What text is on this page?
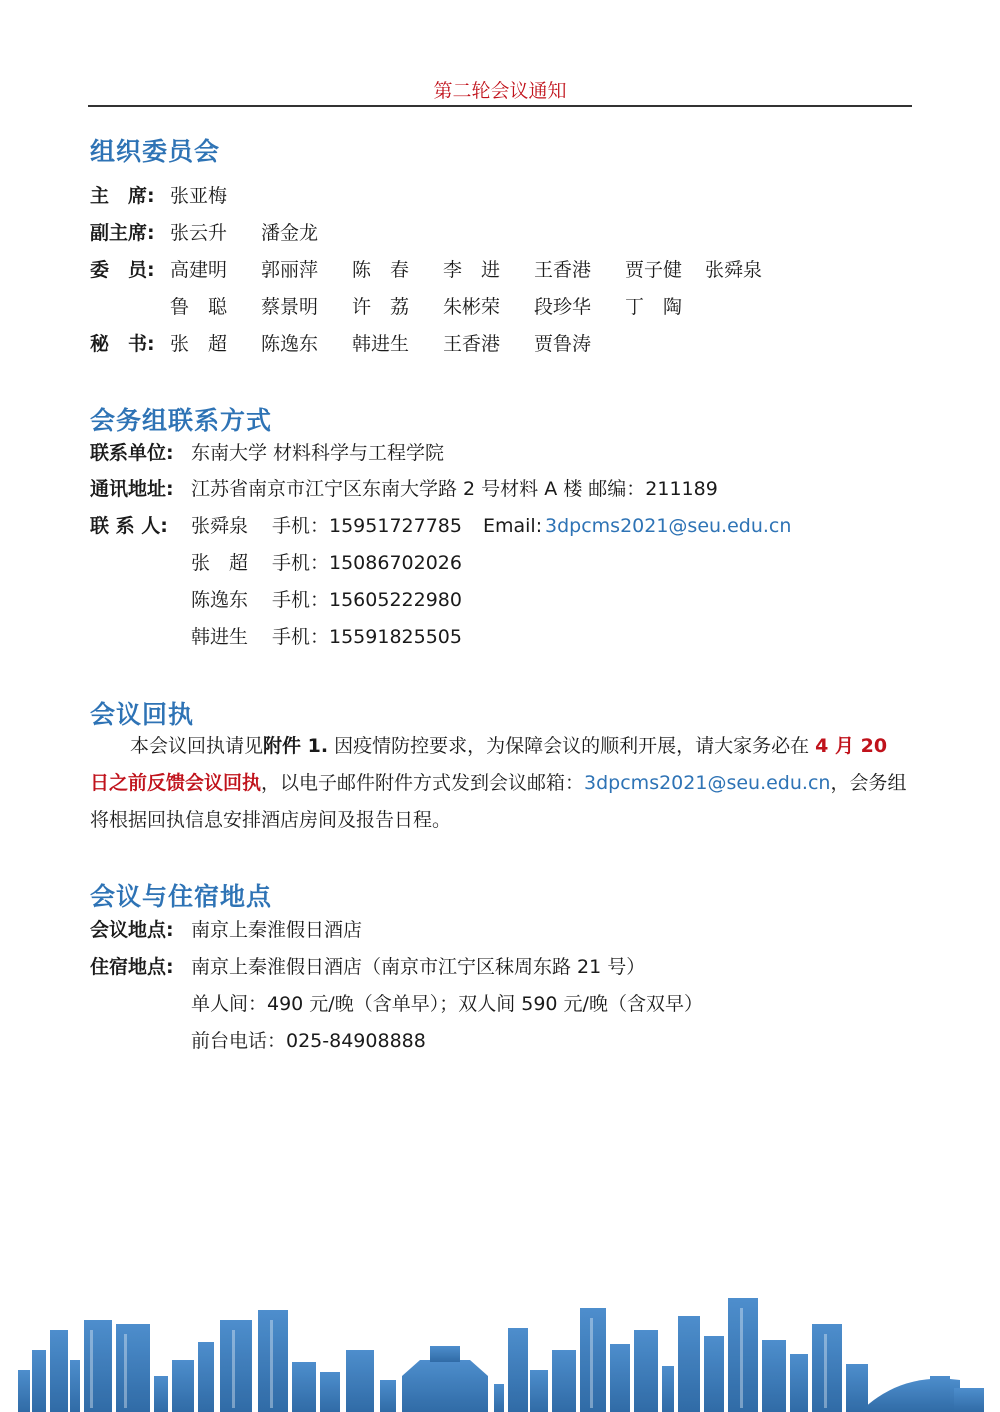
第二轮会议通知
组织委员会
主　席: 张亚梅
副主席: 张云升 潘金龙
委　员: 高建明 郭丽萍 陈　春 李　进 王香港 贾子健 张舜泉
鲁　聪 蔡景明 许　荔 朱彬荣 段珍华 丁　陶
秘　书: 张　超 陈逸东 韩进生 王香港 贾鲁涛
会务组联系方式
联系单位: 东南大学 材料科学与工程学院
通讯地址: 江苏省南京市江宁区东南大学路 2 号材料 A 楼 邮编：211189
联 系 人: 张舜泉 手机：15951727785 Email: 3dpcms2021@seu.edu.cn
张　超 手机：15086702026
陈逸东 手机：15605222980
韩进生 手机：15591825505
会议回执
本会议回执请见附件 1. 因疫情防控要求，为保障会议的顺利开展，请大家务必在 4 月 20 日之前反馈会议回执，以电子邮件附件方式发到会议邮箱：3dpcms2021@seu.edu.cn，会务组将根据回执信息安排酒店房间及报告日程。
会议与住宿地点
会议地点: 南京上秦淮假日酒店
住宿地点: 南京上秦淮假日酒店（南京市江宁区秣周东路 21 号）
单人间：490 元/晚（含单早）；双人间 590 元/晚（含双早）
前台电话：025-84908888
